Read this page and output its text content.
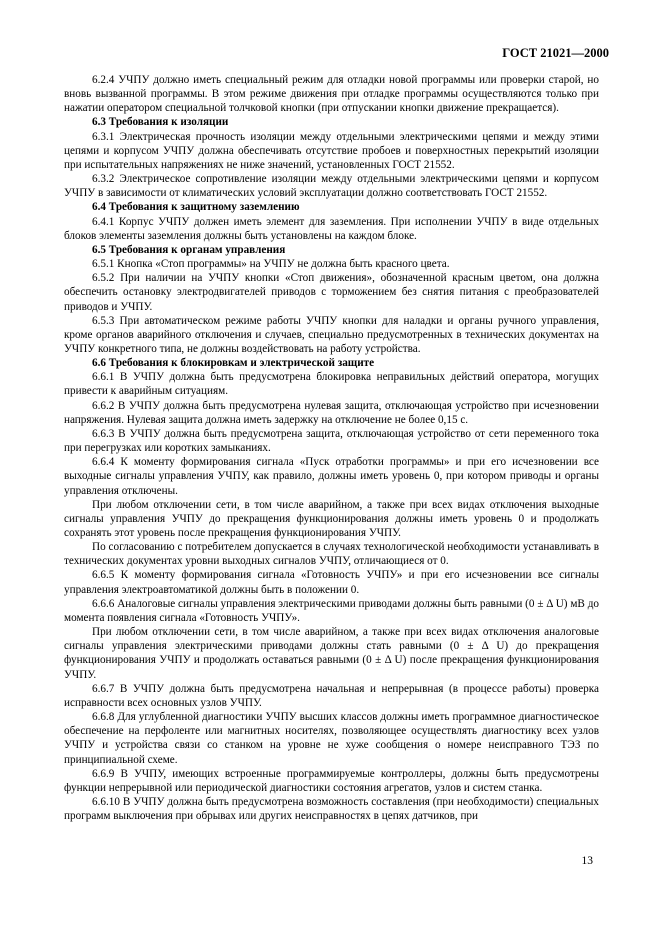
ГОСТ 21021—2000

6.2.4 УЧПУ должно иметь специальный режим для отладки новой программы или проверки старой, но вновь вызванной программы. В этом режиме движения при отладке программы осуществляются только при нажатии оператором специальной толчковой кнопки (при отпускании кнопки движение прекращается).

6.3 Требования к изоляции

6.3.1 Электрическая прочность изоляции между отдельными электрическими цепями и между этими цепями и корпусом УЧПУ должна обеспечивать отсутствие пробоев и поверхностных перекрытий изоляции при испытательных напряжениях не ниже значений, установленных ГОСТ 21552.

6.3.2 Электрическое сопротивление изоляции между отдельными электрическими цепями и корпусом УЧПУ в зависимости от климатических условий эксплуатации должно соответствовать ГОСТ 21552.

6.4 Требования к защитному заземлению

6.4.1 Корпус УЧПУ должен иметь элемент для заземления. При исполнении УЧПУ в виде отдельных блоков элементы заземления должны быть установлены на каждом блоке.

6.5 Требования к органам управления

6.5.1 Кнопка «Стоп программы» на УЧПУ не должна быть красного цвета.

6.5.2 При наличии на УЧПУ кнопки «Стоп движения», обозначенной красным цветом, она должна обеспечить остановку электродвигателей приводов с торможением без снятия питания с преобразователей приводов и УЧПУ.

6.5.3 При автоматическом режиме работы УЧПУ кнопки для наладки и органы ручного управления, кроме органов аварийного отключения и случаев, специально предусмотренных в технических документах на УЧПУ конкретного типа, не должны воздействовать на работу устройства.

6.6 Требования к блокировкам и электрической защите

6.6.1 В УЧПУ должна быть предусмотрена блокировка неправильных действий оператора, могущих привести к аварийным ситуациям.

6.6.2 В УЧПУ должна быть предусмотрена нулевая защита, отключающая устройство при исчезновении напряжения. Нулевая защита должна иметь задержку на отключение не более 0,15 с.

6.6.3 В УЧПУ должна быть предусмотрена защита, отключающая устройство от сети переменного тока при перегрузках или коротких замыканиях.

6.6.4 К моменту формирования сигнала «Пуск отработки программы» и при его исчезновении все выходные сигналы управления УЧПУ, как правило, должны иметь уровень 0, при котором приводы и органы управления отключены.

При любом отключении сети, в том числе аварийном, а также при всех видах отключения выходные сигналы управления УЧПУ до прекращения функционирования должны иметь уровень 0 и продолжать сохранять этот уровень после прекращения функционирования УЧПУ.

По согласованию с потребителем допускается в случаях технологической необходимости устанавливать в технических документах уровни выходных сигналов УЧПУ, отличающиеся от 0.

6.6.5 К моменту формирования сигнала «Готовность УЧПУ» и при его исчезновении все сигналы управления электроавтоматикой должны быть в положении 0.

6.6.6 Аналоговые сигналы управления электрическими приводами должны быть равными (0 ± Δ U) мВ до момента появления сигнала «Готовность УЧПУ».

При любом отключении сети, в том числе аварийном, а также при всех видах отключения аналоговые сигналы управления электрическими приводами должны стать равными (0 ± Δ U) до прекращения функционирования УЧПУ и продолжать оставаться равными (0 ± Δ U) после прекращения функционирования УЧПУ.

6.6.7 В УЧПУ должна быть предусмотрена начальная и непрерывная (в процессе работы) проверка исправности всех основных узлов УЧПУ.

6.6.8 Для углубленной диагностики УЧПУ высших классов должны иметь программное диагностическое обеспечение на перфоленте или магнитных носителях, позволяющее осуществлять диагностику всех узлов УЧПУ и устройства связи со станком на уровне не хуже сообщения о номере неисправного ТЭЗ по принципиальной схеме.

6.6.9 В УЧПУ, имеющих встроенные программируемые контроллеры, должны быть предусмотрены функции непрерывной или периодической диагностики состояния агрегатов, узлов и систем станка.

6.6.10 В УЧПУ должна быть предусмотрена возможность составления (при необходимости) специальных программ выключения при обрывах или других неисправностях в цепях датчиков, при

13
